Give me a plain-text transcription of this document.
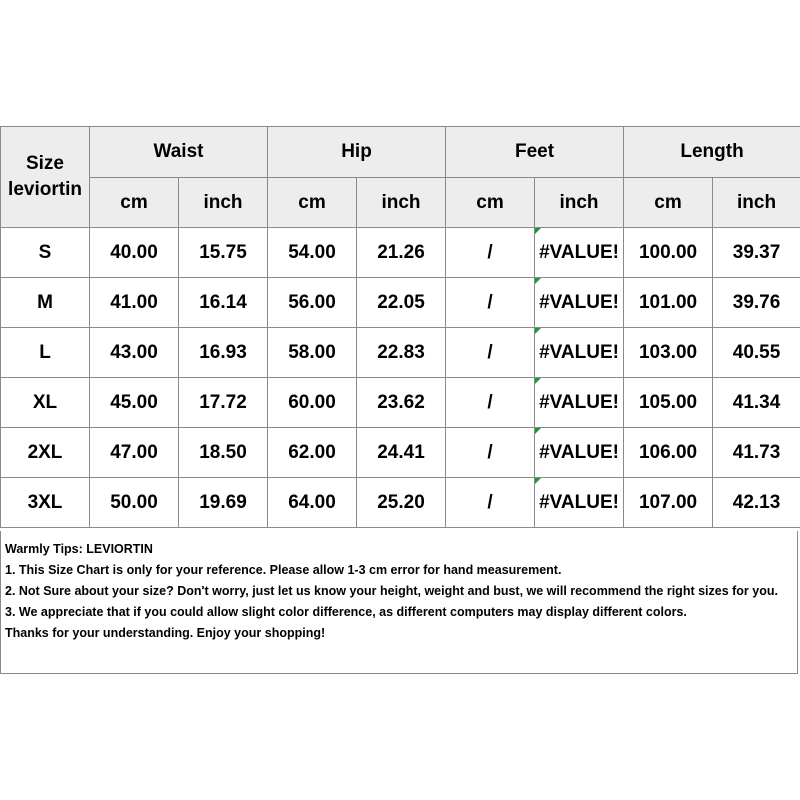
Size leviortin	Waist		Hip		Feet		Length	
	cm	inch	cm	inch	cm	inch	cm	inch
S	40.00	15.75	54.00	21.26	/	#VALUE!	100.00	39.37
M	41.00	16.14	56.00	22.05	/	#VALUE!	101.00	39.76
L	43.00	16.93	58.00	22.83	/	#VALUE!	103.00	40.55
XL	45.00	17.72	60.00	23.62	/	#VALUE!	105.00	41.34
2XL	47.00	18.50	62.00	24.41	/	#VALUE!	106.00	41.73
3XL	50.00	19.69	64.00	25.20	/	#VALUE!	107.00	42.13

Warmly Tips: LEVIORTIN

1. This Size Chart is only for your reference. Please allow 1-3 cm error for hand measurement.

2. Not Sure about your size? Don't worry, just let us know your height, weight and bust, we will recommend the right sizes for you.

3. We appreciate that if you could allow slight color difference, as different computers may display different colors.

Thanks for your understanding. Enjoy your shopping!
